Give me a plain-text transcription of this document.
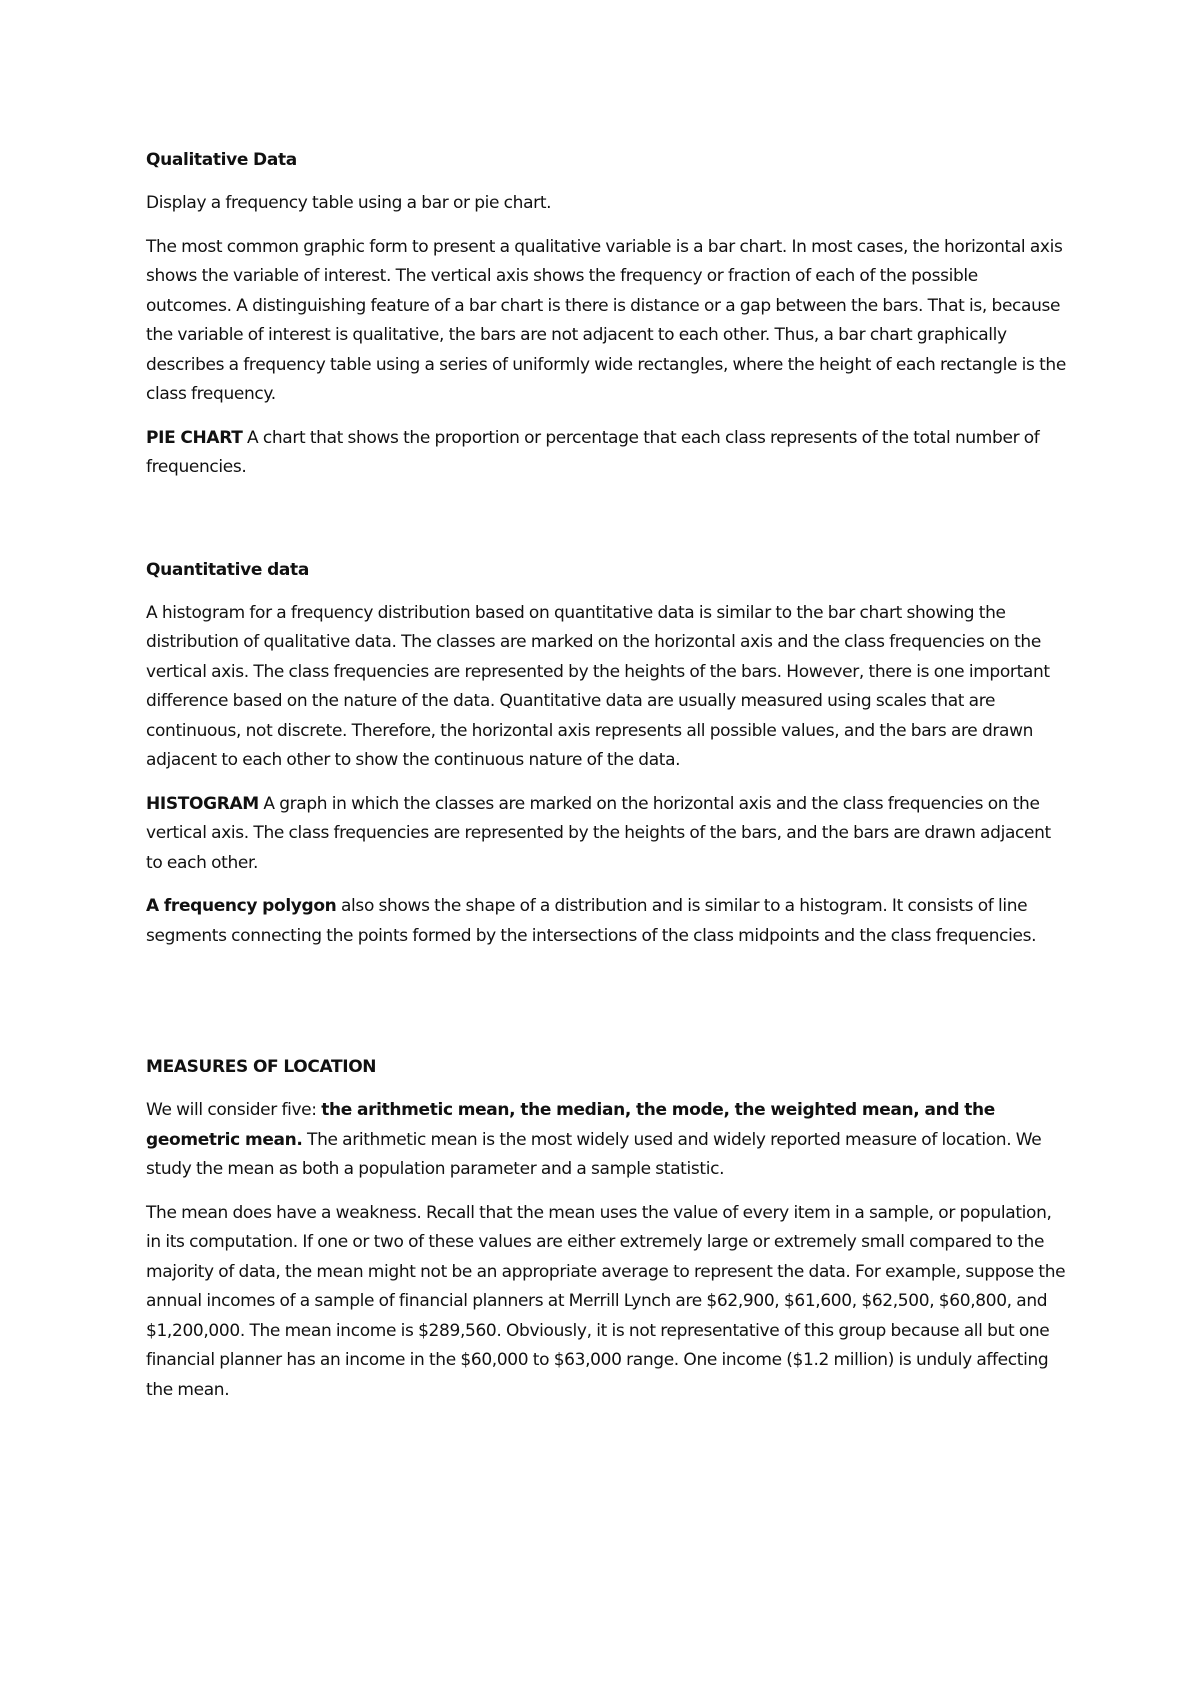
Qualitative Data

Display a frequency table using a bar or pie chart.

The most common graphic form to present a qualitative variable is a bar chart. In most cases, the horizontal axis shows the variable of interest. The vertical axis shows the frequency or fraction of each of the possible outcomes. A distinguishing feature of a bar chart is there is distance or a gap between the bars. That is, because the variable of interest is qualitative, the bars are not adjacent to each other. Thus, a bar chart graphically describes a frequency table using a series of uniformly wide rectangles, where the height of each rectangle is the class frequency.

PIE CHART A chart that shows the proportion or percentage that each class represents of the total number of frequencies.

Quantitative data

A histogram for a frequency distribution based on quantitative data is similar to the bar chart showing the distribution of qualitative data. The classes are marked on the horizontal axis and the class frequencies on the vertical axis. The class frequencies are represented by the heights of the bars. However, there is one important difference based on the nature of the data. Quantitative data are usually measured using scales that are continuous, not discrete. Therefore, the horizontal axis represents all possible values, and the bars are drawn adjacent to each other to show the continuous nature of the data.

HISTOGRAM A graph in which the classes are marked on the horizontal axis and the class frequencies on the vertical axis. The class frequencies are represented by the heights of the bars, and the bars are drawn adjacent to each other.

A frequency polygon also shows the shape of a distribution and is similar to a histogram. It consists of line segments connecting the points formed by the intersections of the class midpoints and the class frequencies.

MEASURES OF LOCATION

We will consider five: the arithmetic mean, the median, the mode, the weighted mean, and the geometric mean. The arithmetic mean is the most widely used and widely reported measure of location. We study the mean as both a population parameter and a sample statistic.

The mean does have a weakness. Recall that the mean uses the value of every item in a sample, or population, in its computation. If one or two of these values are either extremely large or extremely small compared to the majority of data, the mean might not be an appropriate average to represent the data. For example, suppose the annual incomes of a sample of financial planners at Merrill Lynch are $62,900, $61,600, $62,500, $60,800, and $1,200,000. The mean income is $289,560. Obviously, it is not representative of this group because all but one financial planner has an income in the $60,000 to $63,000 range. One income ($1.2 million) is unduly affecting the mean.
